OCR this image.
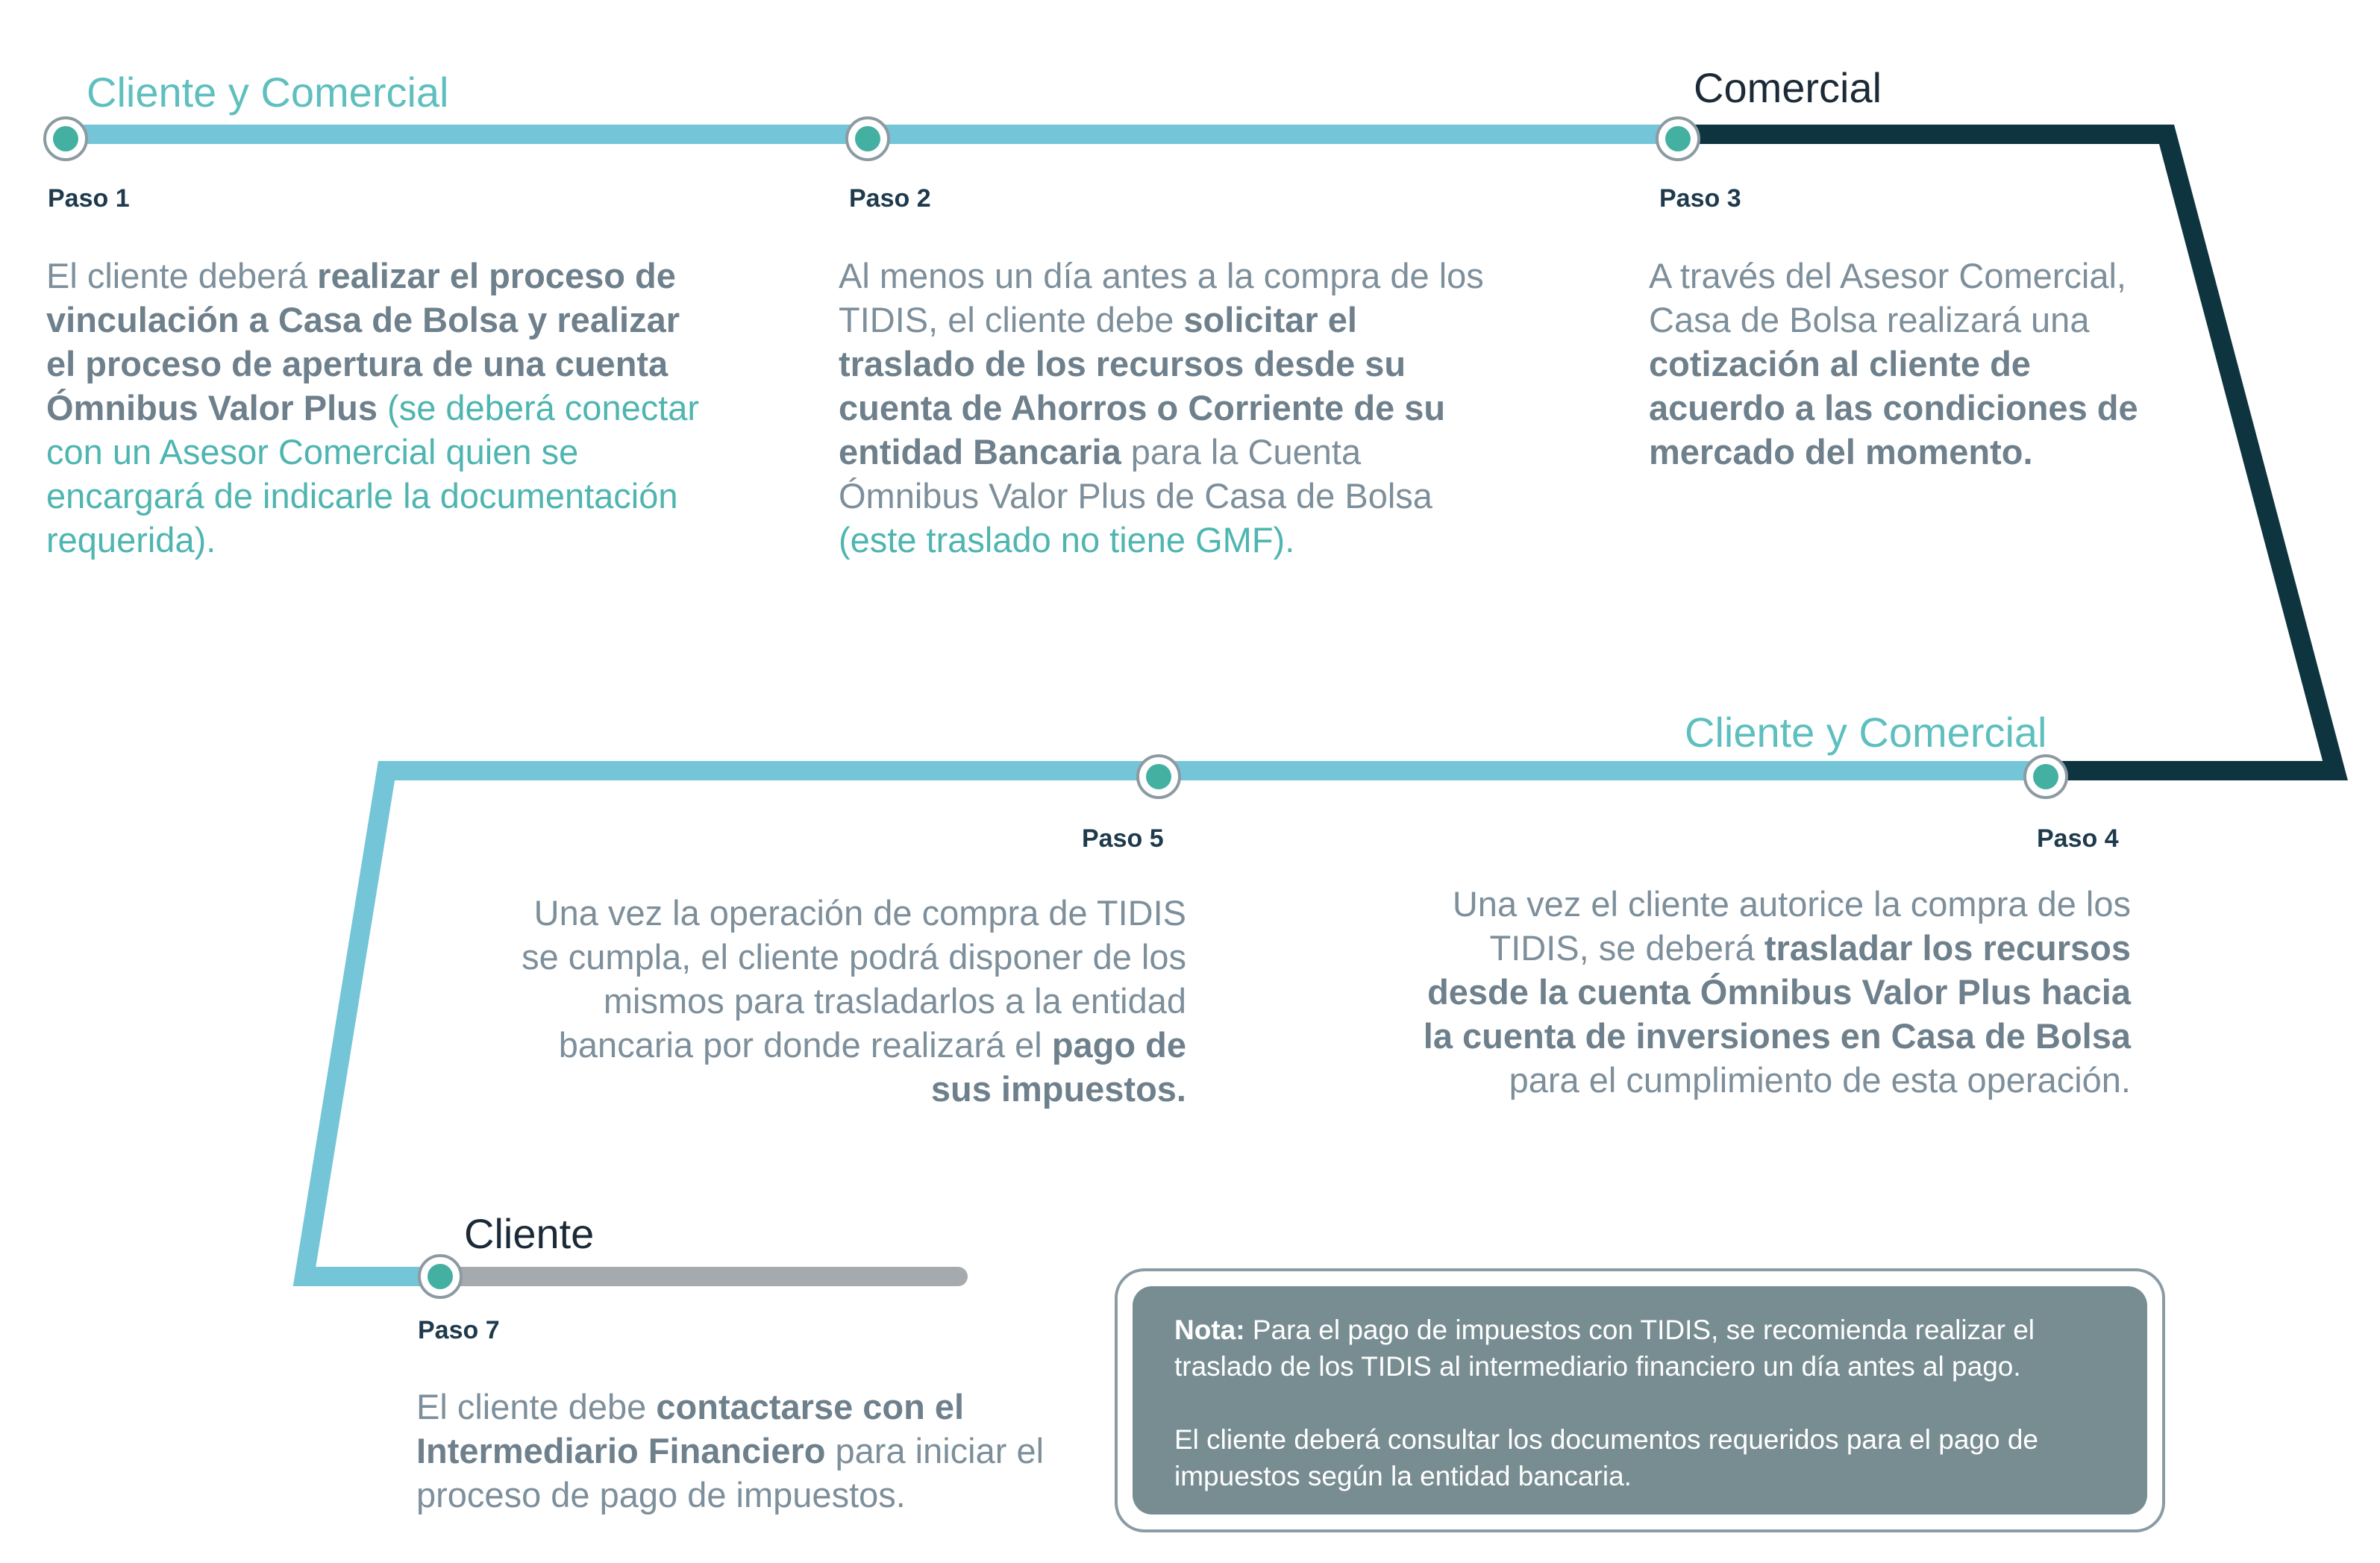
Cliente y Comercial	Comercial
Cliente y Comercial
Cliente
Paso 1	Paso 2	Paso 3
Paso 4
Paso 5
Paso 7
El cliente deberá realizar el proceso de vinculación a Casa de Bolsa y realizar el proceso de apertura de una cuenta Ómnibus Valor Plus (se deberá conectar con un Asesor Comercial quien se encargará de indicarle la documentación requerida).
Al menos un día antes a la compra de los TIDIS, el cliente debe solicitar el traslado de los recursos desde su cuenta de Ahorros o Corriente de su entidad Bancaria para la Cuenta Ómnibus Valor Plus de Casa de Bolsa (este traslado no tiene GMF).
A través del Asesor Comercial, Casa de Bolsa realizará una cotización al cliente de acuerdo a las condiciones de mercado del momento.
Una vez el cliente autorice la compra de los TIDIS, se deberá trasladar los recursos desde la cuenta Ómnibus Valor Plus hacia la cuenta de inversiones en Casa de Bolsa para el cumplimiento de esta operación.
Una vez la operación de compra de TIDIS se cumpla, el cliente podrá disponer de los mismos para trasladarlos a la entidad bancaria por donde realizará el pago de sus impuestos.
El cliente debe contactarse con el Intermediario Financiero para iniciar el proceso de pago de impuestos.

Nota: Para el pago de impuestos con TIDIS, se recomienda realizar el traslado de los TIDIS al intermediario financiero un día antes al pago.

El cliente deberá consultar los documentos requeridos para el pago de impuestos según la entidad bancaria.
